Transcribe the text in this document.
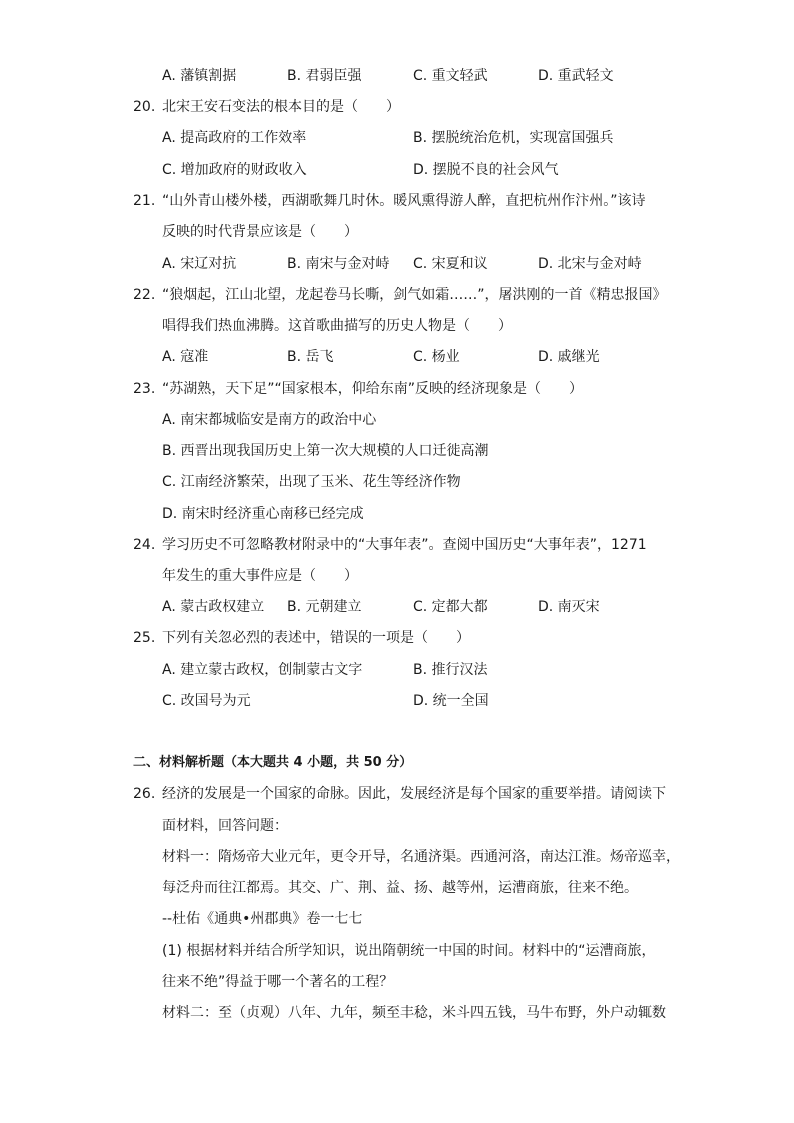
A. 藩镇割据	B. 君弱臣强	C. 重文轻武	D. 重武轻文
20. 北宋王安石变法的根本目的是（　　）
A. 提高政府的工作效率	B. 摆脱统治危机，实现富国强兵
C. 增加政府的财政收入	D. 摆脱不良的社会风气
21. “山外青山楼外楼，西湖歌舞几时休。暖风熏得游人醉，直把杭州作汴州。”该诗
反映的时代背景应该是（　　）
A. 宋辽对抗	B. 南宋与金对峙 C. 宋夏和议	D. 北宋与金对峙
22. “狼烟起，江山北望，龙起卷马长嘶，剑气如霜……”，屠洪刚的一首《精忠报国》
唱得我们热血沸腾。这首歌曲描写的历史人物是（　　）
A. 寇准	B. 岳飞	C. 杨业	D. 戚继光
23. “苏湖熟，天下足”“国家根本，仰给东南”反映的经济现象是（　　）
A. 南宋都城临安是南方的政治中心
B. 西晋出现我国历史上第一次大规模的人口迁徙高潮
C. 江南经济繁荣，出现了玉米、花生等经济作物
D. 南宋时经济重心南移已经完成
24. 学习历史不可忽略教材附录中的“大事年表”。查阅中国历史“大事年表”，1271
年发生的重大事件应是（　　）
A. 蒙古政权建立 B. 元朝建立	C. 定都大都	D. 南灭宋
25. 下列有关忽必烈的表述中，错误的一项是（　　）
A. 建立蒙古政权，创制蒙古文字	B. 推行汉法
C. 改国号为元	D. 统一全国
二、材料解析题（本大题共 4 小题，共 50 分）
26. 经济的发展是一个国家的命脉。因此，发展经济是每个国家的重要举措。请阅读下
面材料，回答问题：
材料一：隋炀帝大业元年，更令开导，名通济渠。西通河洛，南达江淮。炀帝巡幸，
每泛舟而往江都焉。其交、广、荆、益、扬、越等州，运漕商旅，往来不绝。
--杜佑《通典•州郡典》卷一七七
(1) 根据材料并结合所学知识，说出隋朝统一中国的时间。材料中的“运漕商旅，
往来不绝”得益于哪一个著名的工程？
材料二：至（贞观）八年、九年，频至丰稔，米斗四五钱，马牛布野，外户动辄数
